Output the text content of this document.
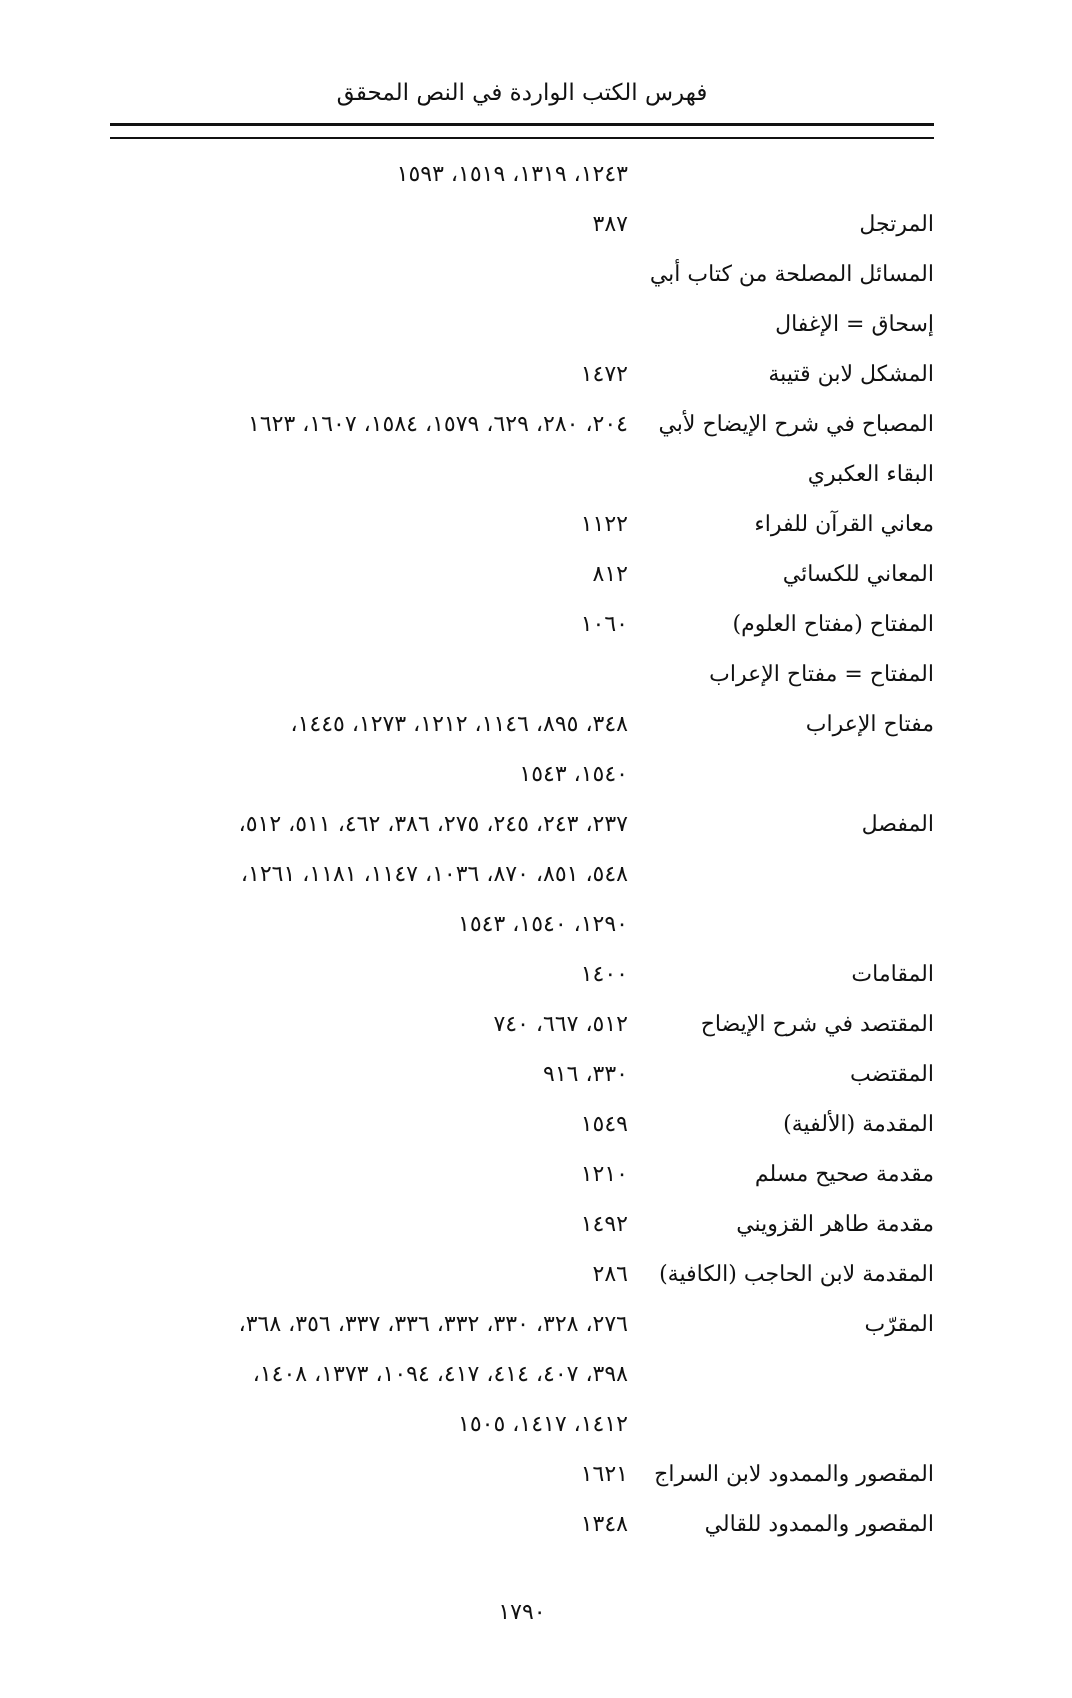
فهرس الكتب الواردة في النص المحقق
١٢٤٣، ١٣١٩، ١٥١٩، ١٥٩٣
المرتجل
٣٨٧
المسائل المصلحة من كتاب أبي
إسحاق = الإغفال
المشكل لابن قتيبة
١٤٧٢
المصباح في شرح الإيضاح لأبي
٢٠٤، ٢٨٠، ٦٢٩، ١٥٧٩، ١٥٨٤، ١٦٠٧، ١٦٢٣
البقاء العكبري
معاني القرآن للفراء
١١٢٢
المعاني للكسائي
٨١٢
المفتاح (مفتاح العلوم)
١٠٦٠
المفتاح = مفتاح الإعراب
مفتاح الإعراب
٣٤٨، ٨٩٥، ١١٤٦، ١٢١٢، ١٢٧٣، ١٤٤٥،
١٥٤٠، ١٥٤٣
المفصل
٢٣٧، ٢٤٣، ٢٤٥، ٢٧٥، ٣٨٦، ٤٦٢، ٥١١، ٥١٢،
٥٤٨، ٨٥١، ٨٧٠، ١٠٣٦، ١١٤٧، ١١٨١، ١٢٦١،
١٢٩٠، ١٥٤٠، ١٥٤٣
المقامات
١٤٠٠
المقتصد في شرح الإيضاح
٥١٢، ٦٦٧، ٧٤٠
المقتضب
٣٣٠، ٩١٦
المقدمة (الألفية)
١٥٤٩
مقدمة صحيح مسلم
١٢١٠
مقدمة طاهر القزويني
١٤٩٢
المقدمة لابن الحاجب (الكافية)
٢٨٦
المقرّب
٢٧٦، ٣٢٨، ٣٣٠، ٣٣٢، ٣٣٦، ٣٣٧، ٣٥٦، ٣٦٨،
٣٩٨، ٤٠٧، ٤١٤، ٤١٧، ١٠٩٤، ١٣٧٣، ١٤٠٨،
١٤١٢، ١٤١٧، ١٥٠٥
المقصور والممدود لابن السراج
١٦٢١
المقصور والممدود للقالي
١٣٤٨
١٧٩٠
